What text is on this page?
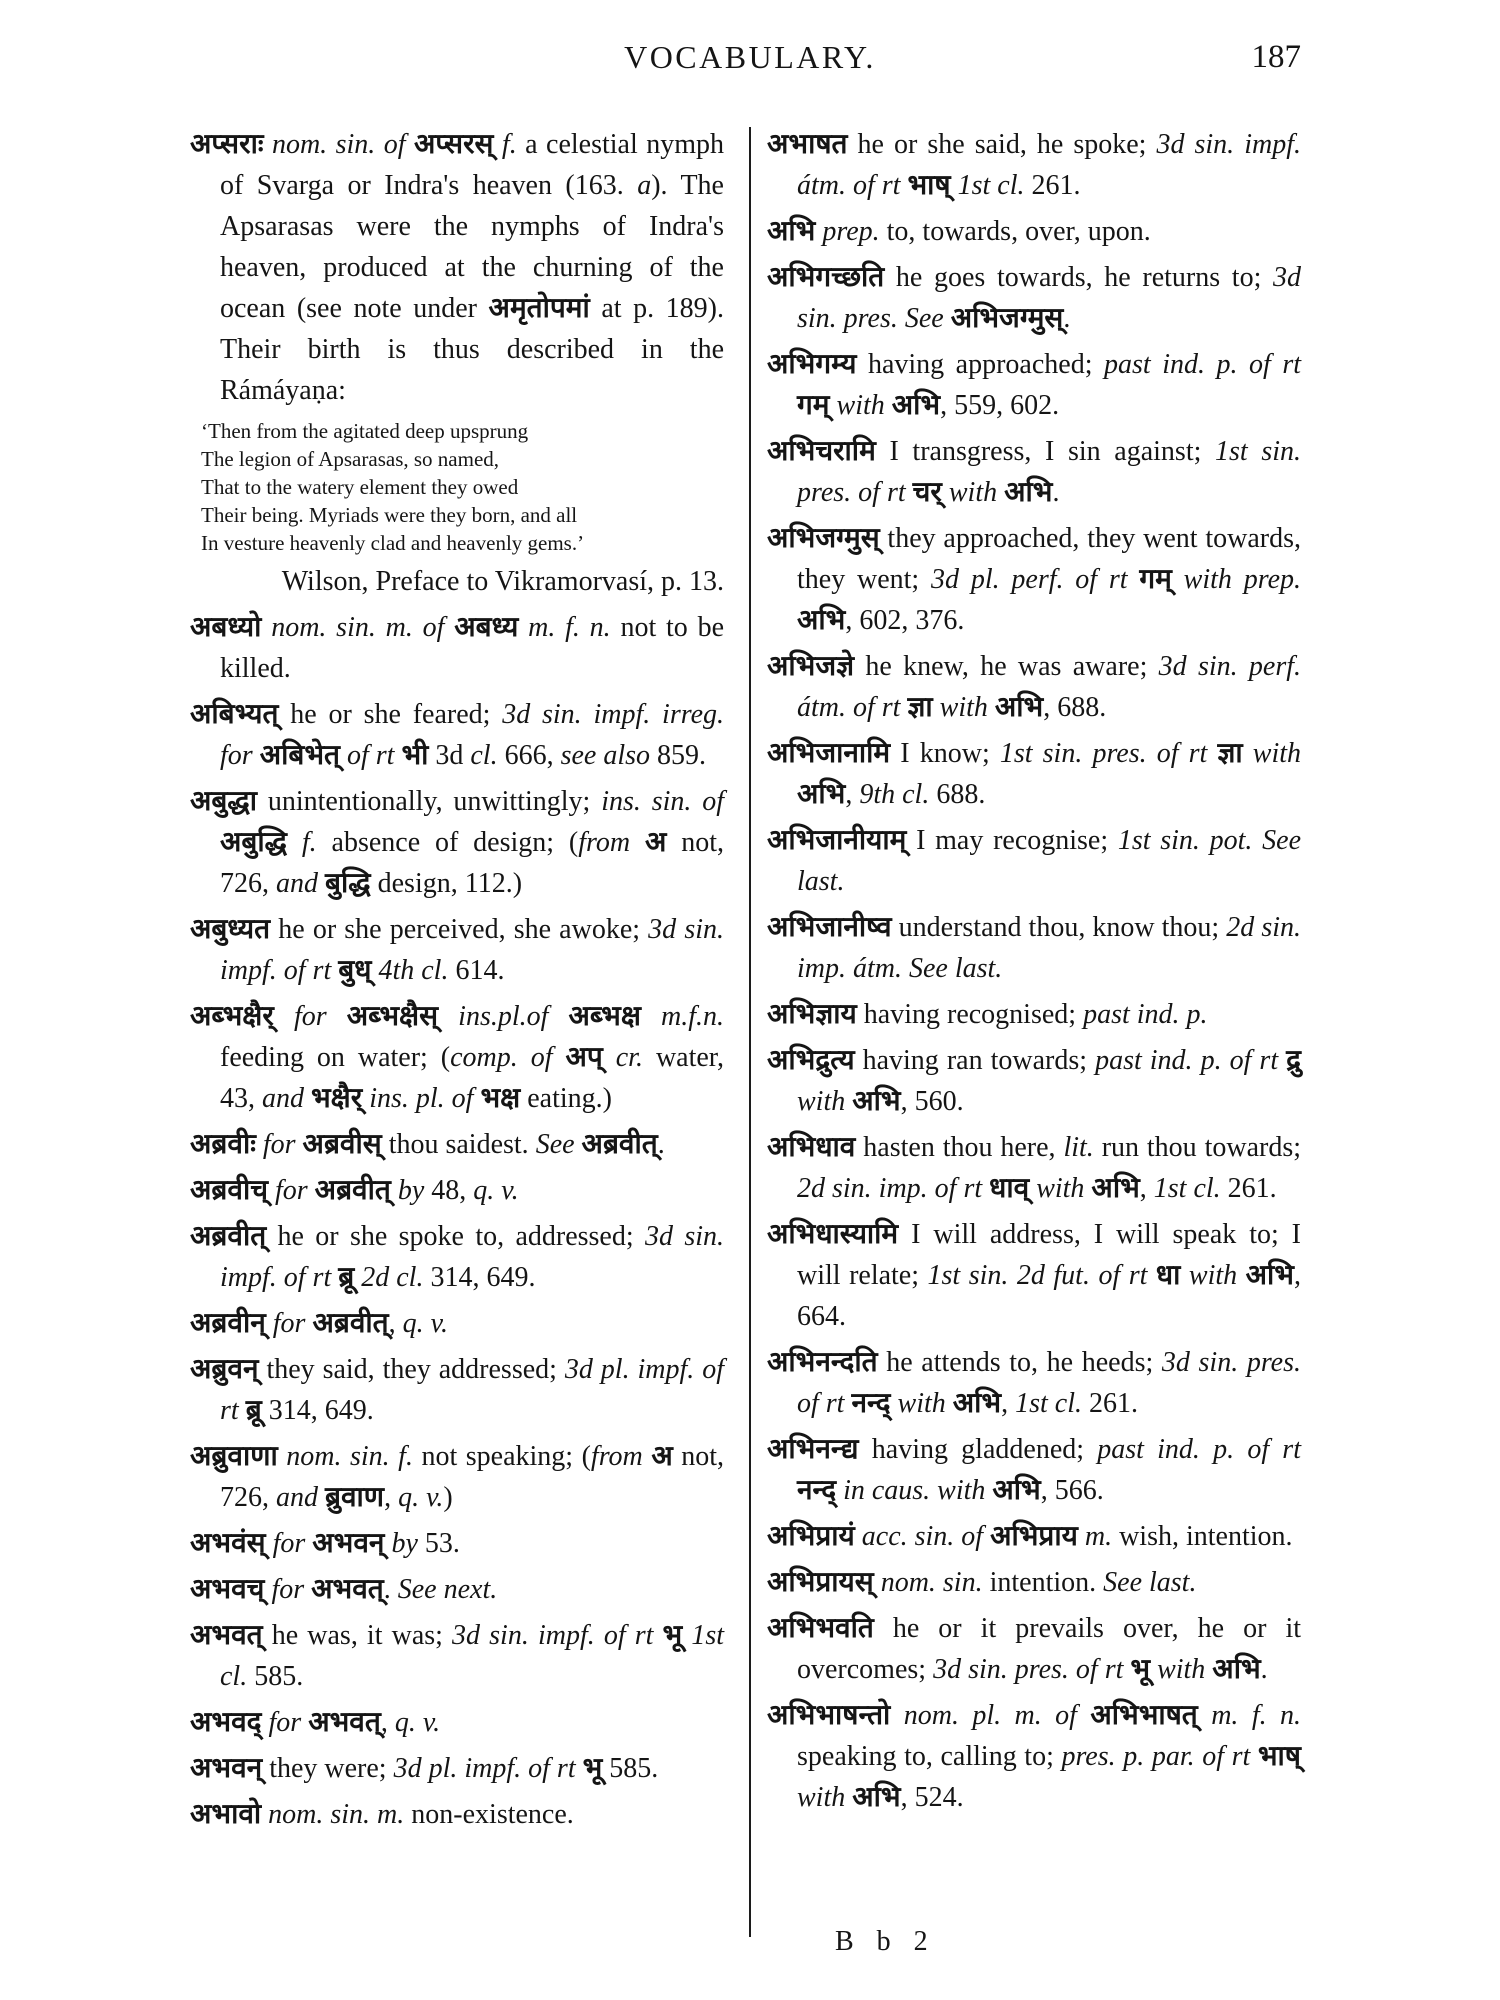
VOCABULARY.	187

अप्सराः nom. sin. of अप्सरस् f. a celestial nymph of Svarga or Indra's heaven (163. a). The Apsarasas were the nymphs of Indra's heaven, produced at the churning of the ocean (see note under अमृतोपमां at p. 189). Their birth is thus described in the Rámáyaṇa:

‘Then from the agitated deep upsprung
The legion of Apsarasas, so named,
That to the watery element they owed
Their being. Myriads were they born, and all
In vesture heavenly clad and heavenly gems.’
Wilson, Preface to Vikramorvasí, p. 13.

अबध्यो nom. sin. m. of अबध्य m. f. n. not to be killed.

अबिभ्यत् he or she feared; 3d sin. impf. irreg. for अबिभेत् of rt भी 3d cl. 666, see also 859.

अबुद्धा unintentionally, unwittingly; ins. sin. of अबुद्धि f. absence of design; (from अ not, 726, and बुद्धि design, 112.)

अबुध्यत he or she perceived, she awoke; 3d sin. impf. of rt बुध् 4th cl. 614.

अब्भक्षैर् for अब्भक्षैस् ins.pl.of अब्भक्ष m.f.n. feeding on water; (comp. of अप् cr. water, 43, and भक्षैर् ins. pl. of भक्ष eating.)

अब्रवीः for अब्रवीस् thou saidest. See अब्रवीत्.

अब्रवीच् for अब्रवीत् by 48, q. v.

अब्रवीत् he or she spoke to, addressed; 3d sin. impf. of rt ब्रू 2d cl. 314, 649.

अब्रवीन् for अब्रवीत्, q. v.

अब्रुवन् they said, they addressed; 3d pl. impf. of rt ब्रू 314, 649.

अब्रुवाणा nom. sin. f. not speaking; (from अ not, 726, and ब्रुवाण, q. v.)

अभवंस् for अभवन् by 53.

अभवच् for अभवत्. See next.

अभवत् he was, it was; 3d sin. impf. of rt भू 1st cl. 585.

अभवद् for अभवत्, q. v.

अभवन् they were; 3d pl. impf. of rt भू 585.

अभावो nom. sin. m. non-existence.

अभाषत he or she said, he spoke; 3d sin. impf. átm. of rt भाष् 1st cl. 261.

अभि prep. to, towards, over, upon.

अभिगच्छति he goes towards, he returns to; 3d sin. pres. See अभिजग्मुस्.

अभिगम्य having approached; past ind. p. of rt गम् with अभि, 559, 602.

अभिचरामि I transgress, I sin against; 1st sin. pres. of rt चर् with अभि.

अभिजग्मुस् they approached, they went towards, they went; 3d pl. perf. of rt गम् with prep. अभि, 602, 376.

अभिजज्ञे he knew, he was aware; 3d sin. perf. átm. of rt ज्ञा with अभि, 688.

अभिजानामि I know; 1st sin. pres. of rt ज्ञा with अभि, 9th cl. 688.

अभिजानीयाम् I may recognise; 1st sin. pot. See last.

अभिजानीष्व understand thou, know thou; 2d sin. imp. átm. See last.

अभिज्ञाय having recognised; past ind. p.

अभिद्रुत्य having ran towards; past ind. p. of rt द्रु with अभि, 560.

अभिधाव hasten thou here, lit. run thou towards; 2d sin. imp. of rt धाव् with अभि, 1st cl. 261.

अभिधास्यामि I will address, I will speak to; I will relate; 1st sin. 2d fut. of rt धा with अभि, 664.

अभिनन्दति he attends to, he heeds; 3d sin. pres. of rt नन्द् with अभि, 1st cl. 261.

अभिनन्द्य having gladdened; past ind. p. of rt नन्द् in caus. with अभि, 566.

अभिप्रायं acc. sin. of अभिप्राय m. wish, intention.

अभिप्रायस् nom. sin. intention. See last.

अभिभवति he or it prevails over, he or it overcomes; 3d sin. pres. of rt भू with अभि.

अभिभाषन्तो nom. pl. m. of अभिभाषत् m. f. n. speaking to, calling to; pres. p. par. of rt भाष् with अभि, 524.

B b 2
